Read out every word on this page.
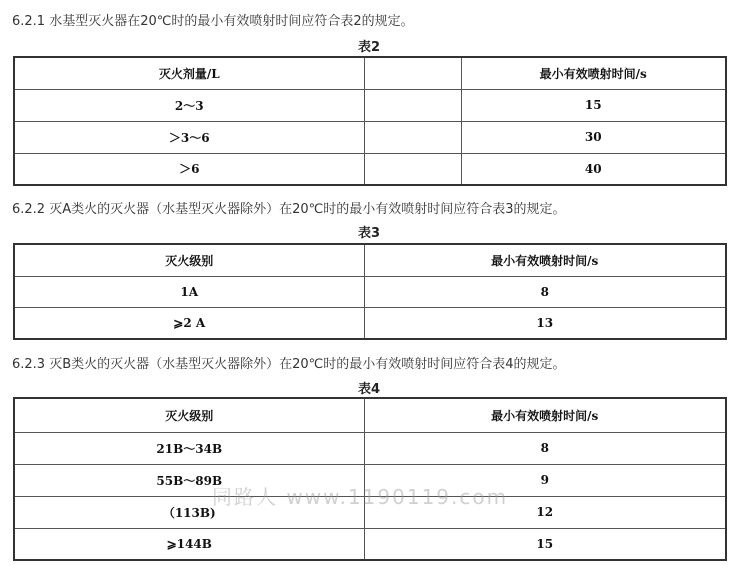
6.2.1 水基型灭火器在20℃时的最小有效喷射时间应符合表2的规定。
表2
灭火剂量/L		最小有效喷射时间/s
2～3		15
＞3～6		30
＞6		40
6.2.2 灭A类火的灭火器（水基型灭火器除外）在20℃时的最小有效喷射时间应符合表3的规定。
表3
灭火级别	最小有效喷射时间/s
1A	8
⩾2 A	13
6.2.3 灭B类火的灭火器（水基型灭火器除外）在20℃时的最小有效喷射时间应符合表4的规定。
表4
灭火级别	最小有效喷射时间/s
21B～34B	8
55B～89B	9
（113B)	12
⩾144B	15
同路人 www.1190119.com
